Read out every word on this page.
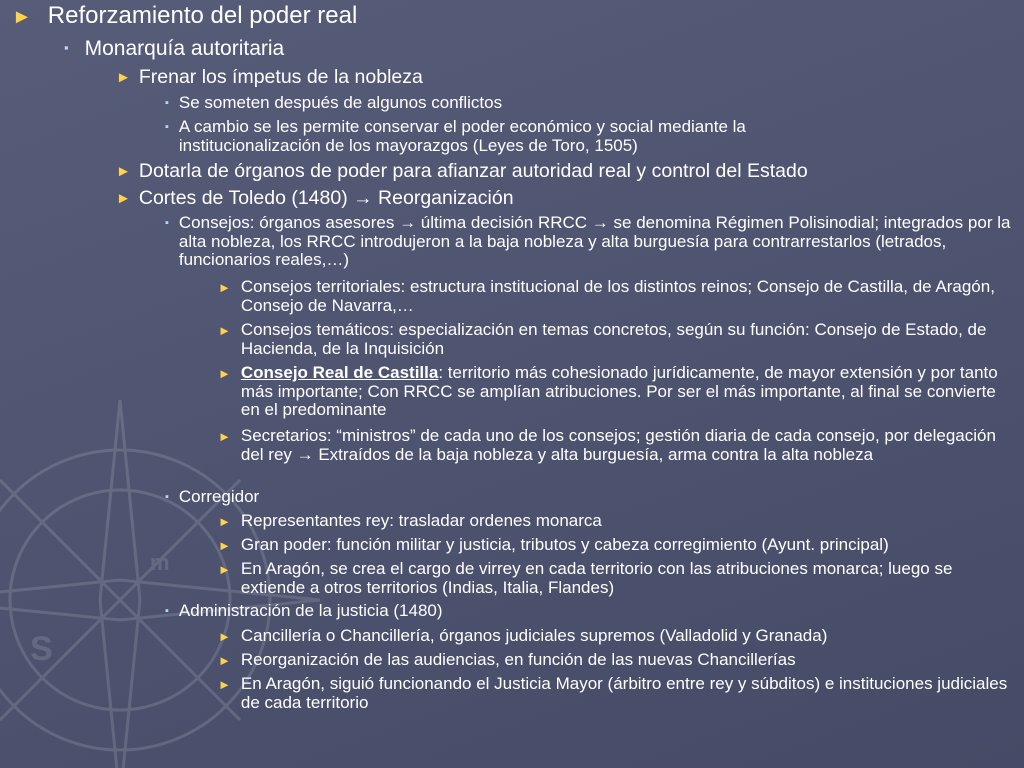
S
m
► Reforzamiento del poder real
▪ Monarquía autoritaria
► Frenar los ímpetus de la nobleza
▪ Se someten después de algunos conflictos
▪ A cambio se les permite conservar el poder económico y social mediante la institucionalización de los mayorazgos (Leyes de Toro, 1505)
► Dotarla de órganos de poder para afianzar autoridad real y control del Estado
► Cortes de Toledo (1480) → Reorganización
▪ Consejos: órganos asesores → última decisión RRCC → se denomina Régimen Polisinodial; integrados por la alta nobleza, los RRCC introdujeron a la baja nobleza y alta burguesía para contrarrestarlos (letrados, funcionarios reales,…)
► Consejos territoriales: estructura institucional de los distintos reinos; Consejo de Castilla, de Aragón, Consejo de Navarra,…
► Consejos temáticos: especialización en temas concretos, según su función: Consejo de Estado, de Hacienda, de la Inquisición
► Consejo Real de Castilla: territorio más cohesionado jurídicamente, de mayor extensión y por tanto más importante; Con RRCC se amplían atribuciones. Por ser el más importante, al final se convierte en el predominante
► Secretarios: “ministros” de cada uno de los consejos; gestión diaria de cada consejo, por delegación del rey → Extraídos de la baja nobleza y alta burguesía, arma contra la alta nobleza
▪ Corregidor
► Representantes rey: trasladar ordenes monarca
► Gran poder: función militar y justicia, tributos y cabeza corregimiento (Ayunt. principal)
► En Aragón, se crea el cargo de virrey en cada territorio con las atribuciones monarca; luego se extiende a otros territorios (Indias, Italia, Flandes)
▪ Administración de la justicia (1480)
► Cancillería o Chancillería, órganos judiciales supremos (Valladolid y Granada)
► Reorganización de las audiencias, en función de las nuevas Chancillerías
► En Aragón, siguió funcionando el Justicia Mayor (árbitro entre rey y súbditos) e instituciones judiciales de cada territorio
